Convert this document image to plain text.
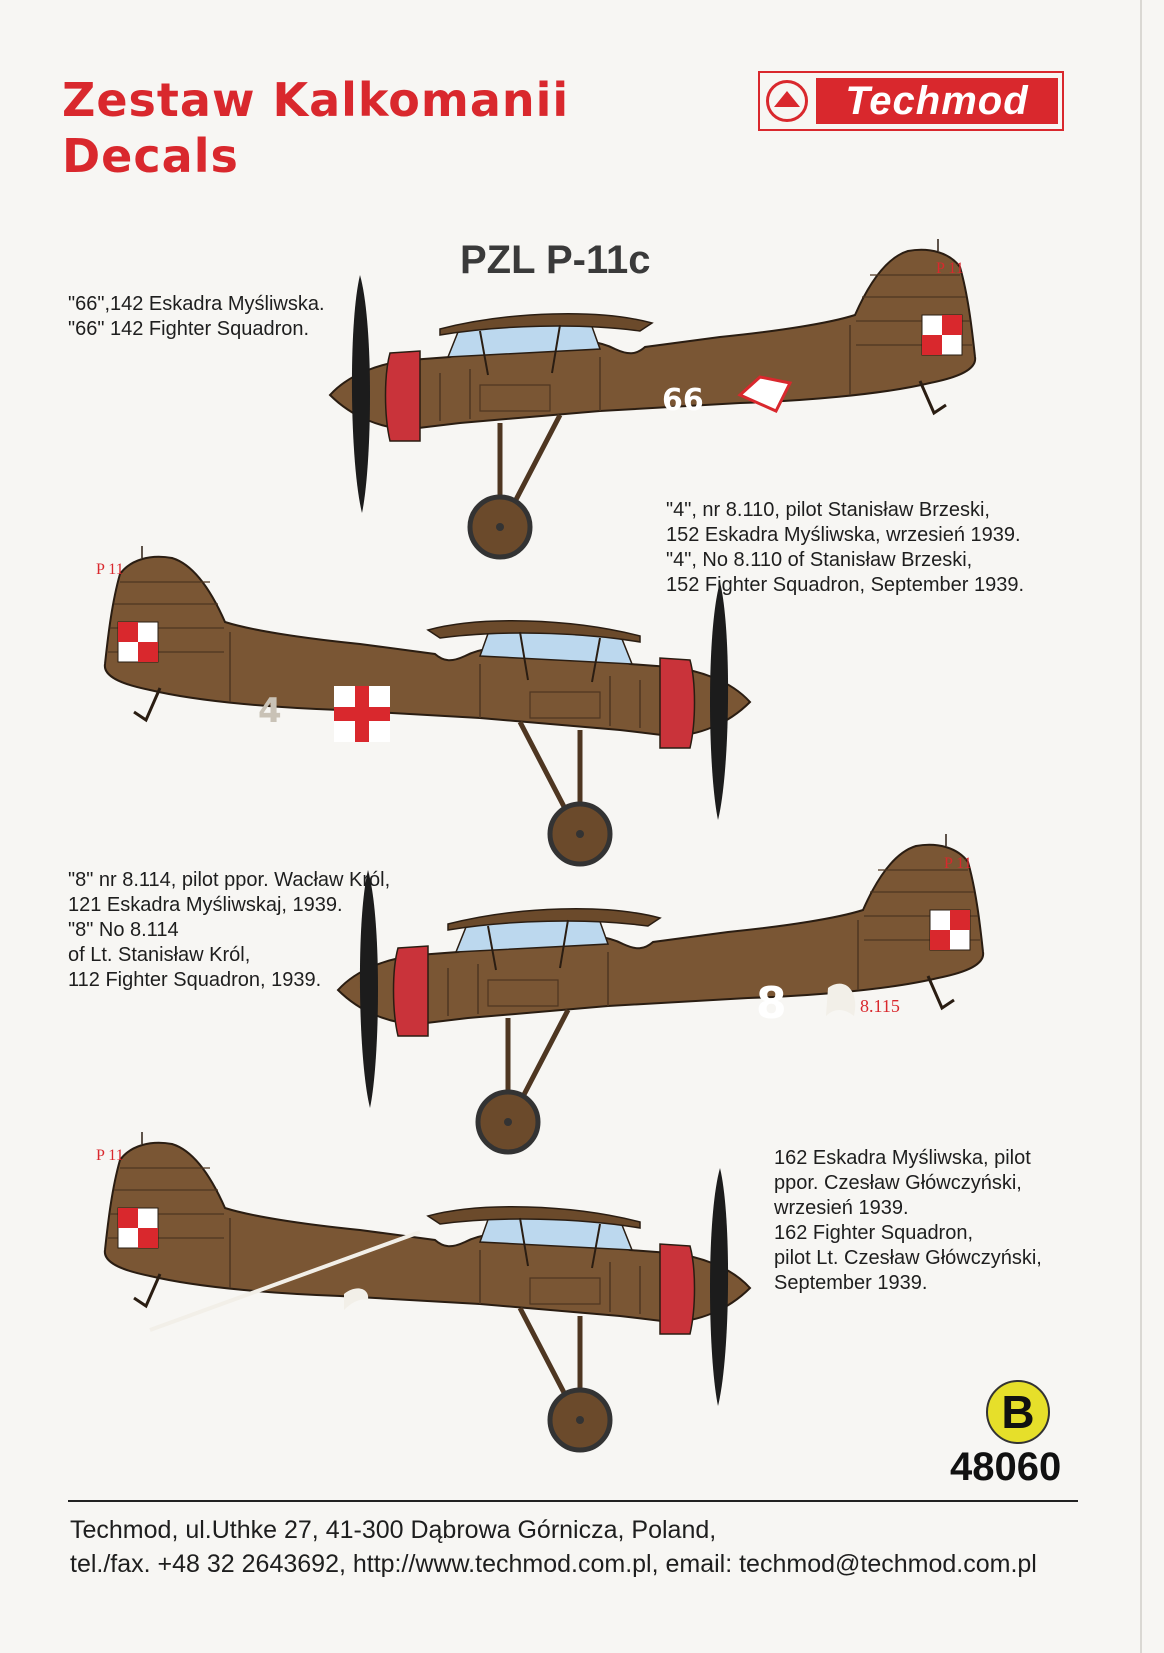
Zestaw Kalkomanii
Decals
Techmod
PZL P-11c	P 11
66
"66",142 Eskadra Myśliwska.
"66" 142 Fighter Squadron.
"4", nr 8.110, pilot Stanisław Brzeski,
152 Eskadra Myśliwska, wrzesień 1939.
"4", No 8.110 of Stanisław Brzeski,
152 Fighter Squadron, September 1939.
P 11
4
"8" nr 8.114, pilot ppor. Wacław Król,
121 Eskadra Myśliwskaj, 1939.
"8" No 8.114
of Lt. Stanisław Król,
112 Fighter Squadron, 1939.
P 11
8	8.115
162 Eskadra Myśliwska, pilot
ppor. Czesław Główczyński,
wrzesień 1939.
162 Fighter Squadron,
pilot Lt. Czesław Główczyński,
September 1939.
P 11
B
48060
Techmod, ul.Uthke 27, 41-300 Dąbrowa Górnicza, Poland,
tel./fax. +48 32 2643692, http://www.techmod.com.pl, email: techmod@techmod.com.pl
